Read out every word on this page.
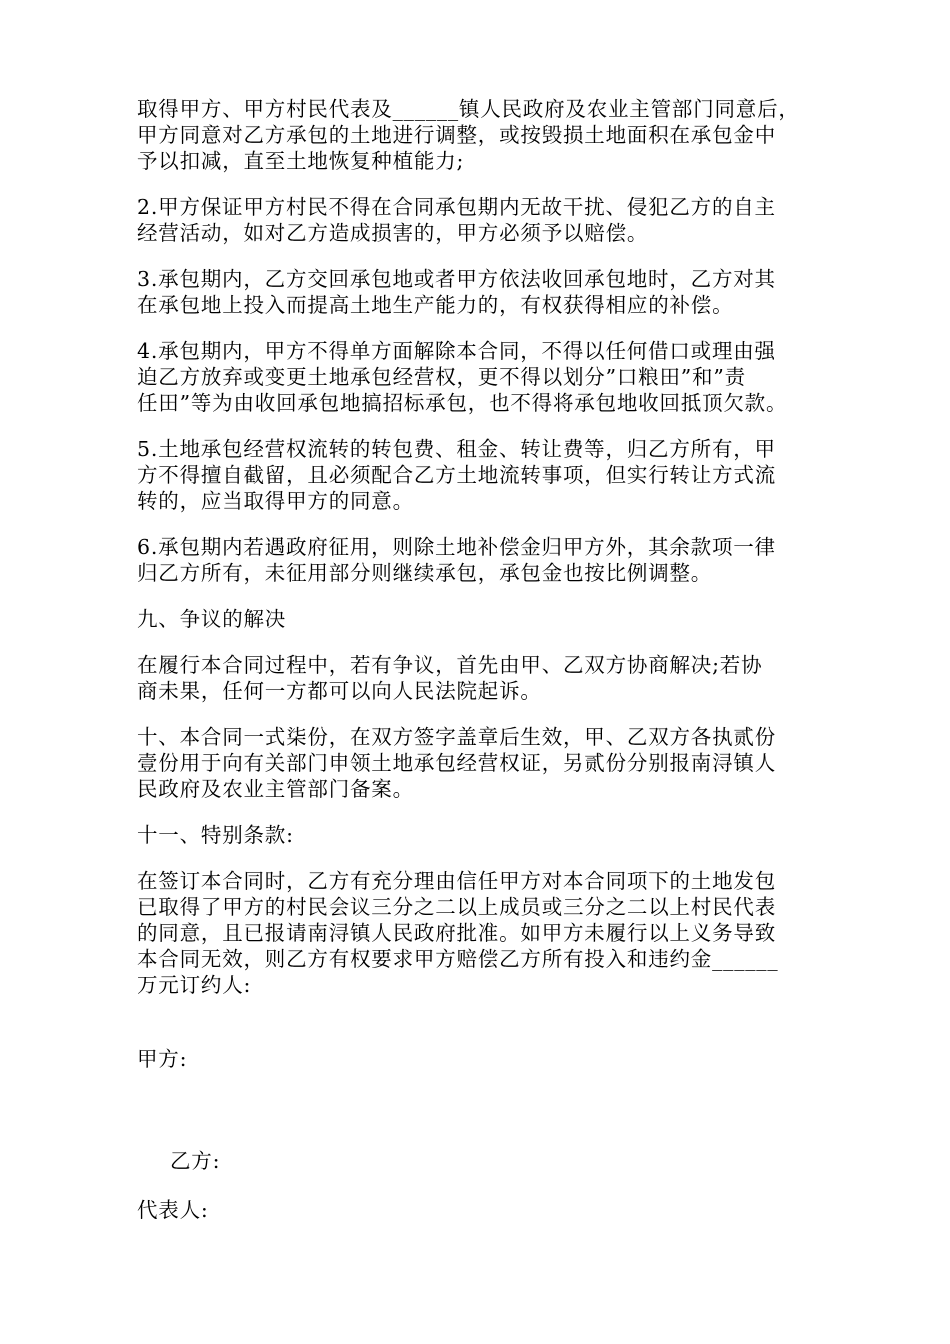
取得甲方、甲方村民代表及______镇人民政府及农业主管部门同意后，
甲方同意对乙方承包的土地进行调整，或按毁损土地面积在承包金中
予以扣减，直至土地恢复种植能力;

2.甲方保证甲方村民不得在合同承包期内无故干扰、侵犯乙方的自主
经营活动，如对乙方造成损害的，甲方必须予以赔偿。

3.承包期内，乙方交回承包地或者甲方依法收回承包地时，乙方对其
在承包地上投入而提高土地生产能力的，有权获得相应的补偿。

4.承包期内，甲方不得单方面解除本合同，不得以任何借口或理由强
迫乙方放弃或变更土地承包经营权，更不得以划分”口粮田”和”责
任田”等为由收回承包地搞招标承包，也不得将承包地收回抵顶欠款。

5.土地承包经营权流转的转包费、租金、转让费等，归乙方所有，甲
方不得擅自截留，且必须配合乙方土地流转事项，但实行转让方式流
转的，应当取得甲方的同意。

6.承包期内若遇政府征用，则除土地补偿金归甲方外，其余款项一律
归乙方所有，未征用部分则继续承包，承包金也按比例调整。

九、争议的解决

在履行本合同过程中，若有争议，首先由甲、乙双方协商解决;若协
商未果，任何一方都可以向人民法院起诉。

十、本合同一式柒份，在双方签字盖章后生效，甲、乙双方各执贰份
壹份用于向有关部门申领土地承包经营权证，另贰份分别报南浔镇人
民政府及农业主管部门备案。

十一、特别条款:

在签订本合同时，乙方有充分理由信任甲方对本合同项下的土地发包
已取得了甲方的村民会议三分之二以上成员或三分之二以上村民代表
的同意，且已报请南浔镇人民政府批准。如甲方未履行以上义务导致
本合同无效，则乙方有权要求甲方赔偿乙方所有投入和违约金______
万元订约人:

甲方:

乙方:

代表人:
